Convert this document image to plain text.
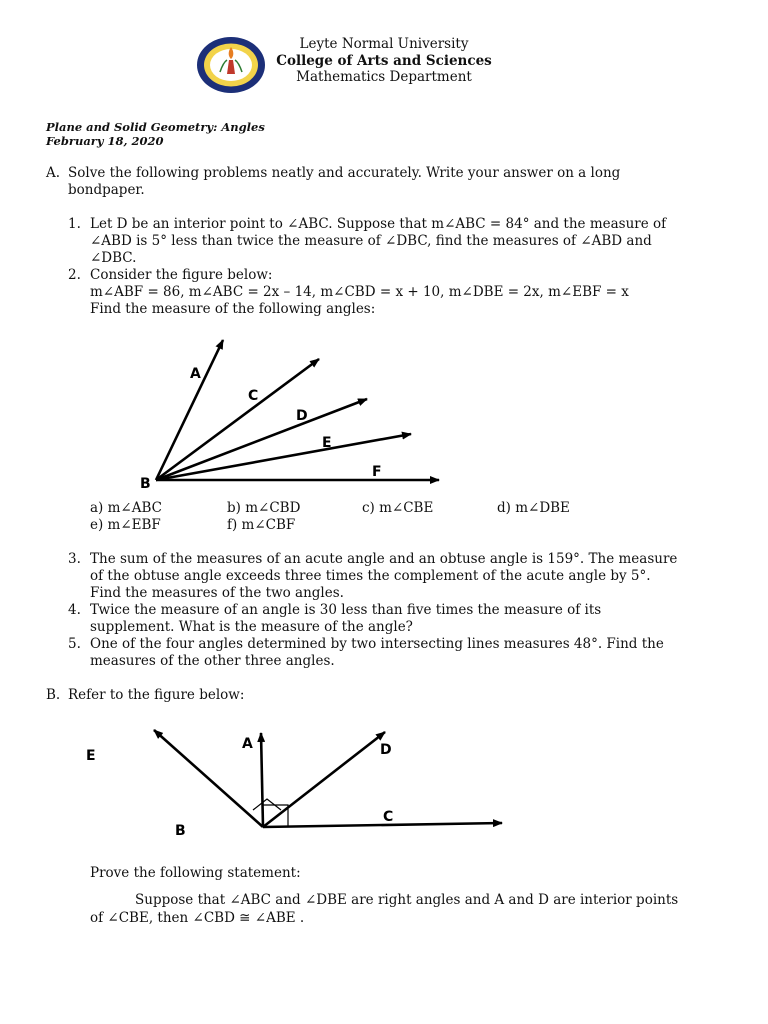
Leyte Normal University
College of Arts and Sciences
Mathematics Department
Plane and Solid Geometry: Angles
February 18, 2020
A. Solve the following problems neatly and accurately. Write your answer on a long
bondpaper.
1. Let D be an interior point to ∠ABC. Suppose that m∠ABC = 84° and the measure of
∠ABD is 5° less than twice the measure of ∠DBC, find the measures of ∠ABD and
∠DBC.
2. Consider the figure below:
m∠ABF = 86, m∠ABC = 2x – 14, m∠CBD = x + 10, m∠DBE = 2x, m∠EBF = x
Find the measure of the following angles:
A
C
D
E
F
B
a) m∠ABC	b) m∠CBD	c) m∠CBE	d) m∠DBE
e) m∠EBF	f) m∠CBF
3. The sum of the measures of an acute angle and an obtuse angle is 159°. The measure
of the obtuse angle exceeds three times the complement of the acute angle by 5°.
Find the measures of the two angles.
4. Twice the measure of an angle is 30 less than five times the measure of its
supplement. What is the measure of the angle?
5. One of the four angles determined by two intersecting lines measures 48°. Find the
measures of the other three angles.
B. Refer to the figure below:
E
A	D
C
B
Prove the following statement:
Suppose that ∠ABC and ∠DBE are right angles and A and D are interior points
of ∠CBE, then ∠CBD ≅ ∠ABE .
